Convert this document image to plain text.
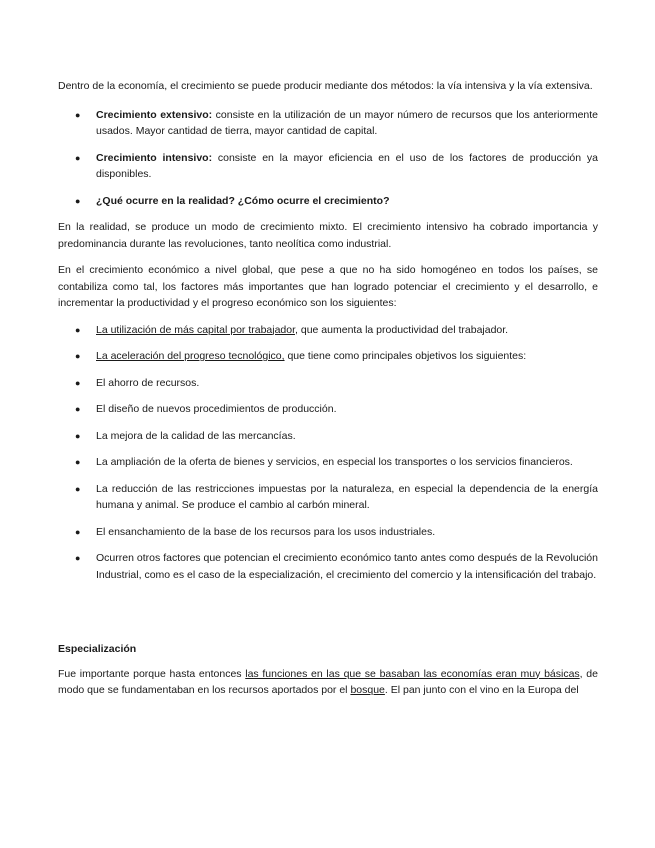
Dentro de la economía, el crecimiento se puede producir mediante dos métodos: la vía intensiva y la vía extensiva.

● Crecimiento extensivo: consiste en la utilización de un mayor número de recursos que los anteriormente usados. Mayor cantidad de tierra, mayor cantidad de capital.
● Crecimiento intensivo: consiste en la mayor eficiencia en el uso de los factores de producción ya disponibles.
● ¿Qué ocurre en la realidad? ¿Cómo ocurre el crecimiento?

En la realidad, se produce un modo de crecimiento mixto. El crecimiento intensivo ha cobrado importancia y predominancia durante las revoluciones, tanto neolítica como industrial.

En el crecimiento económico a nivel global, que pese a que no ha sido homogéneo en todos los países, se contabiliza como tal, los factores más importantes que han logrado potenciar el crecimiento y el desarrollo, e incrementar la productividad y el progreso económico son los siguientes:

● La utilización de más capital por trabajador, que aumenta la productividad del trabajador.
● La aceleración del progreso tecnológico, que tiene como principales objetivos los siguientes:
● El ahorro de recursos.
● El diseño de nuevos procedimientos de producción.
● La mejora de la calidad de las mercancías.
● La ampliación de la oferta de bienes y servicios, en especial los transportes o los servicios financieros.
● La reducción de las restricciones impuestas por la naturaleza, en especial la dependencia de la energía humana y animal. Se produce el cambio al carbón mineral.
● El ensanchamiento de la base de los recursos para los usos industriales.
● Ocurren otros factores que potencian el crecimiento económico tanto antes como después de la Revolución Industrial, como es el caso de la especialización, el crecimiento del comercio y la intensificación del trabajo.

Especialización

Fue importante porque hasta entonces las funciones en las que se basaban las economías eran muy básicas, de modo que se fundamentaban en los recursos aportados por el bosque. El pan junto con el vino en la Europa del
